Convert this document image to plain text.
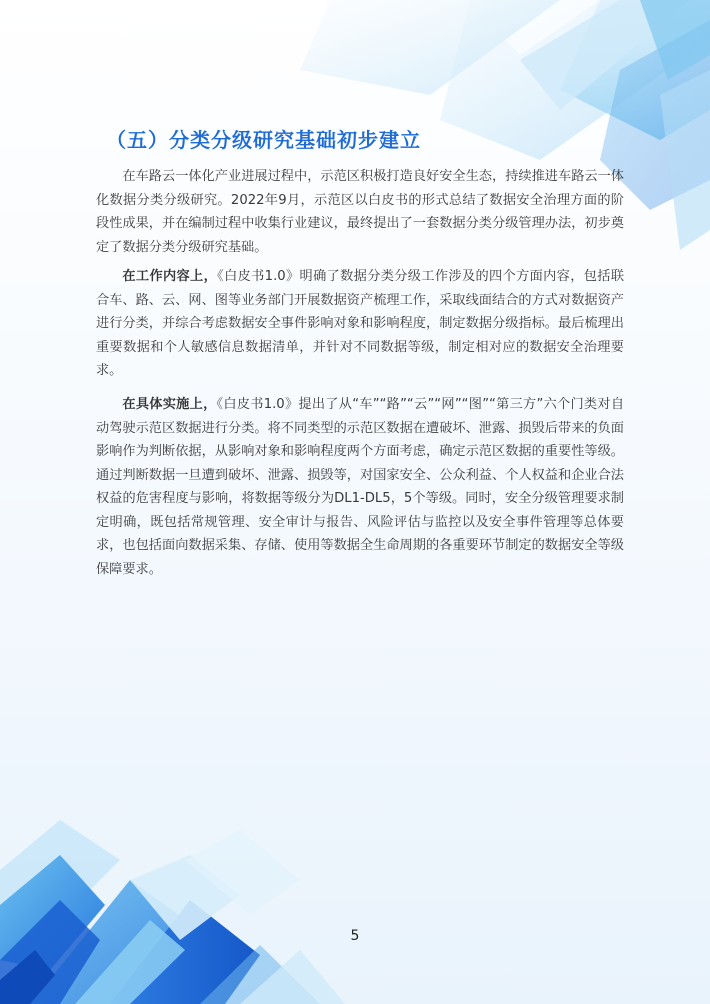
（五）分类分级研究基础初步建立

在车路云一体化产业进展过程中，示范区积极打造良好安全生态，持续推进车路云一体化数据分类分级研究。2022年9月，示范区以白皮书的形式总结了数据安全治理方面的阶段性成果，并在编制过程中收集行业建议，最终提出了一套数据分类分级管理办法，初步奠定了数据分类分级研究基础。

在工作内容上，《白皮书1.0》明确了数据分类分级工作涉及的四个方面内容，包括联合车、路、云、网、图等业务部门开展数据资产梳理工作，采取线面结合的方式对数据资产进行分类，并综合考虑数据安全事件影响对象和影响程度，制定数据分级指标。最后梳理出重要数据和个人敏感信息数据清单，并针对不同数据等级，制定相对应的数据安全治理要求。

在具体实施上，《白皮书1.0》提出了从“车”“路”“云”“网”“图”“第三方”六个门类对自动驾驶示范区数据进行分类。将不同类型的示范区数据在遭破坏、泄露、损毁后带来的负面影响作为判断依据，从影响对象和影响程度两个方面考虑，确定示范区数据的重要性等级。通过判断数据一旦遭到破坏、泄露、损毁等，对国家安全、公众利益、个人权益和企业合法权益的危害程度与影响，将数据等级分为DL1-DL5，5个等级。同时，安全分级管理要求制定明确，既包括常规管理、安全审计与报告、风险评估与监控以及安全事件管理等总体要求，也包括面向数据采集、存储、使用等数据全生命周期的各重要环节制定的数据安全等级保障要求。

5
